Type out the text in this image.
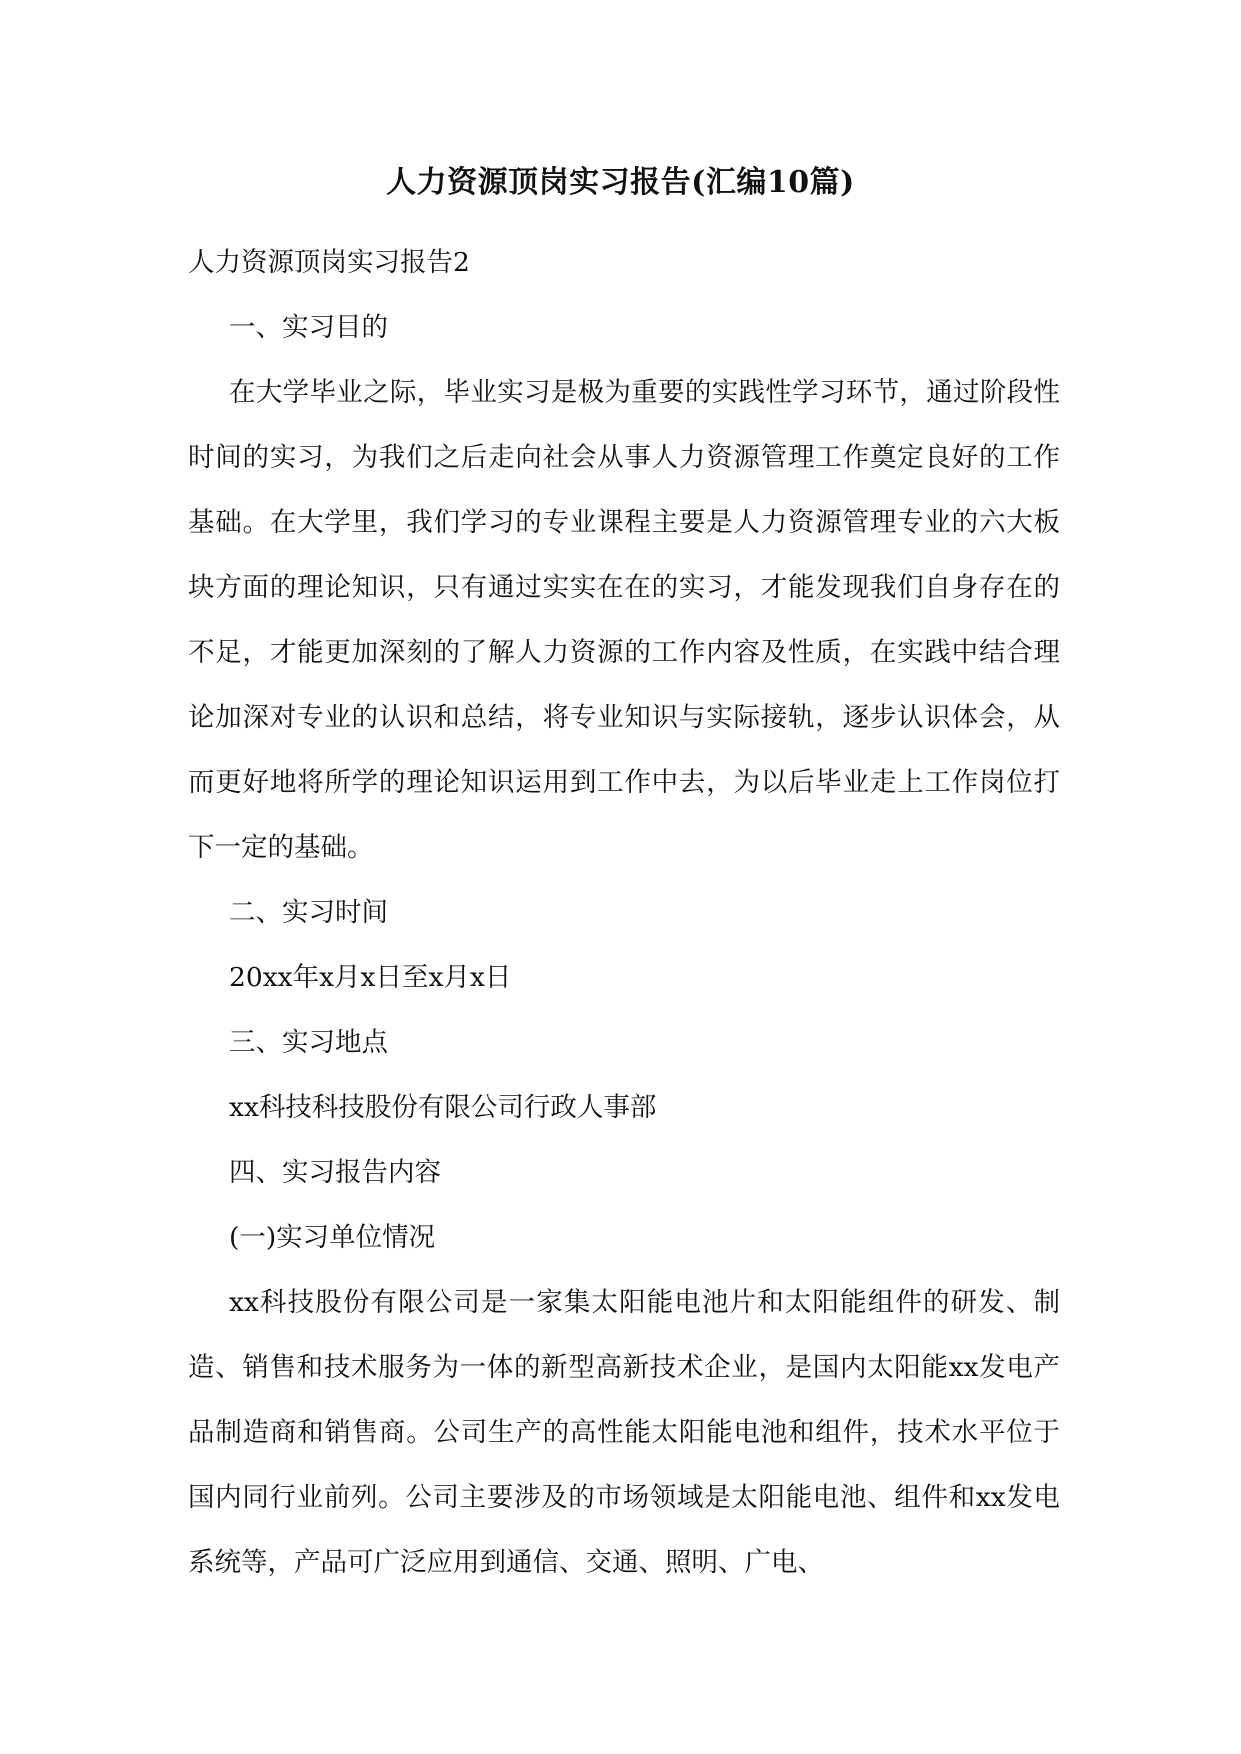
人力资源顶岗实习报告(汇编10篇)

人力资源顶岗实习报告2

一、实习目的

在大学毕业之际，毕业实习是极为重要的实践性学习环节，通过阶段性时间的实习，为我们之后走向社会从事人力资源管理工作奠定良好的工作基础。在大学里，我们学习的专业课程主要是人力资源管理专业的六大板块方面的理论知识，只有通过实实在在的实习，才能发现我们自身存在的不足，才能更加深刻的了解人力资源的工作内容及性质，在实践中结合理论加深对专业的认识和总结，将专业知识与实际接轨，逐步认识体会，从而更好地将所学的理论知识运用到工作中去，为以后毕业走上工作岗位打下一定的基础。

二、实习时间

20xx年x月x日至x月x日

三、实习地点

xx科技科技股份有限公司行政人事部

四、实习报告内容

(一)实习单位情况

xx科技股份有限公司是一家集太阳能电池片和太阳能组件的研发、制造、销售和技术服务为一体的新型高新技术企业，是国内太阳能xx发电产品制造商和销售商。公司生产的高性能太阳能电池和组件，技术水平位于国内同行业前列。公司主要涉及的市场领域是太阳能电池、组件和xx发电系统等，产品可广泛应用到通信、交通、照明、广电、
